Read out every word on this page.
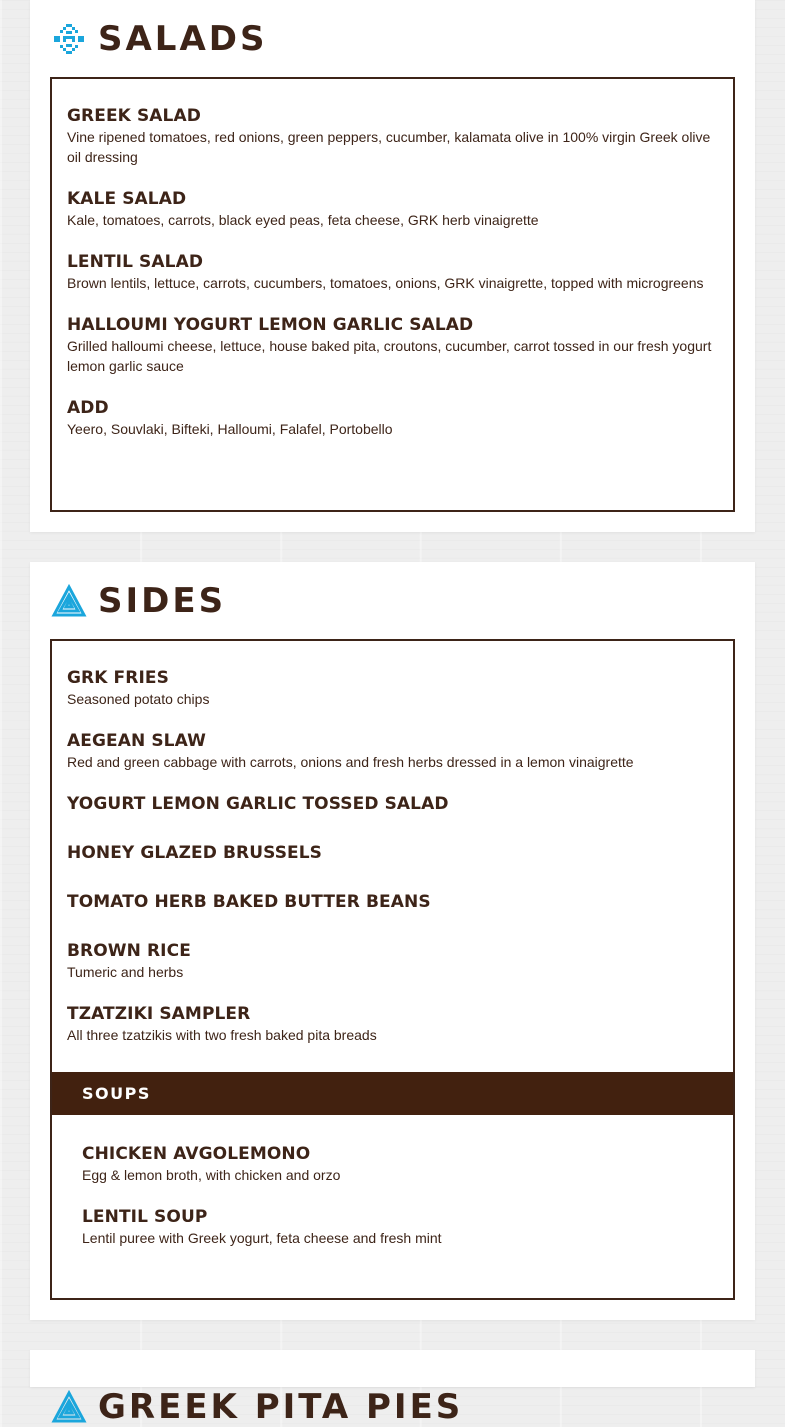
SALADS
GREEK SALAD
Vine ripened tomatoes, red onions, green peppers, cucumber, kalamata olive in 100% virgin Greek olive oil dressing
KALE SALAD
Kale, tomatoes, carrots, black eyed peas, feta cheese, GRK herb vinaigrette
LENTIL SALAD
Brown lentils, lettuce, carrots, cucumbers, tomatoes, onions, GRK vinaigrette, topped with microgreens
HALLOUMI YOGURT LEMON GARLIC SALAD
Grilled halloumi cheese, lettuce, house baked pita, croutons, cucumber, carrot tossed in our fresh yogurt lemon garlic sauce
ADD
Yeero, Souvlaki, Bifteki, Halloumi, Falafel, Portobello
SIDES
GRK FRIES
Seasoned potato chips
AEGEAN SLAW
Red and green cabbage with carrots, onions and fresh herbs dressed in a lemon vinaigrette
YOGURT LEMON GARLIC TOSSED SALAD
HONEY GLAZED BRUSSELS
TOMATO HERB BAKED BUTTER BEANS
BROWN RICE
Tumeric and herbs
TZATZIKI SAMPLER
All three tzatzikis with two fresh baked pita breads
SOUPS
CHICKEN AVGOLEMONO
Egg & lemon broth, with chicken and orzo
LENTIL SOUP
Lentil puree with Greek yogurt, feta cheese and fresh mint
GREEK PITA PIES
